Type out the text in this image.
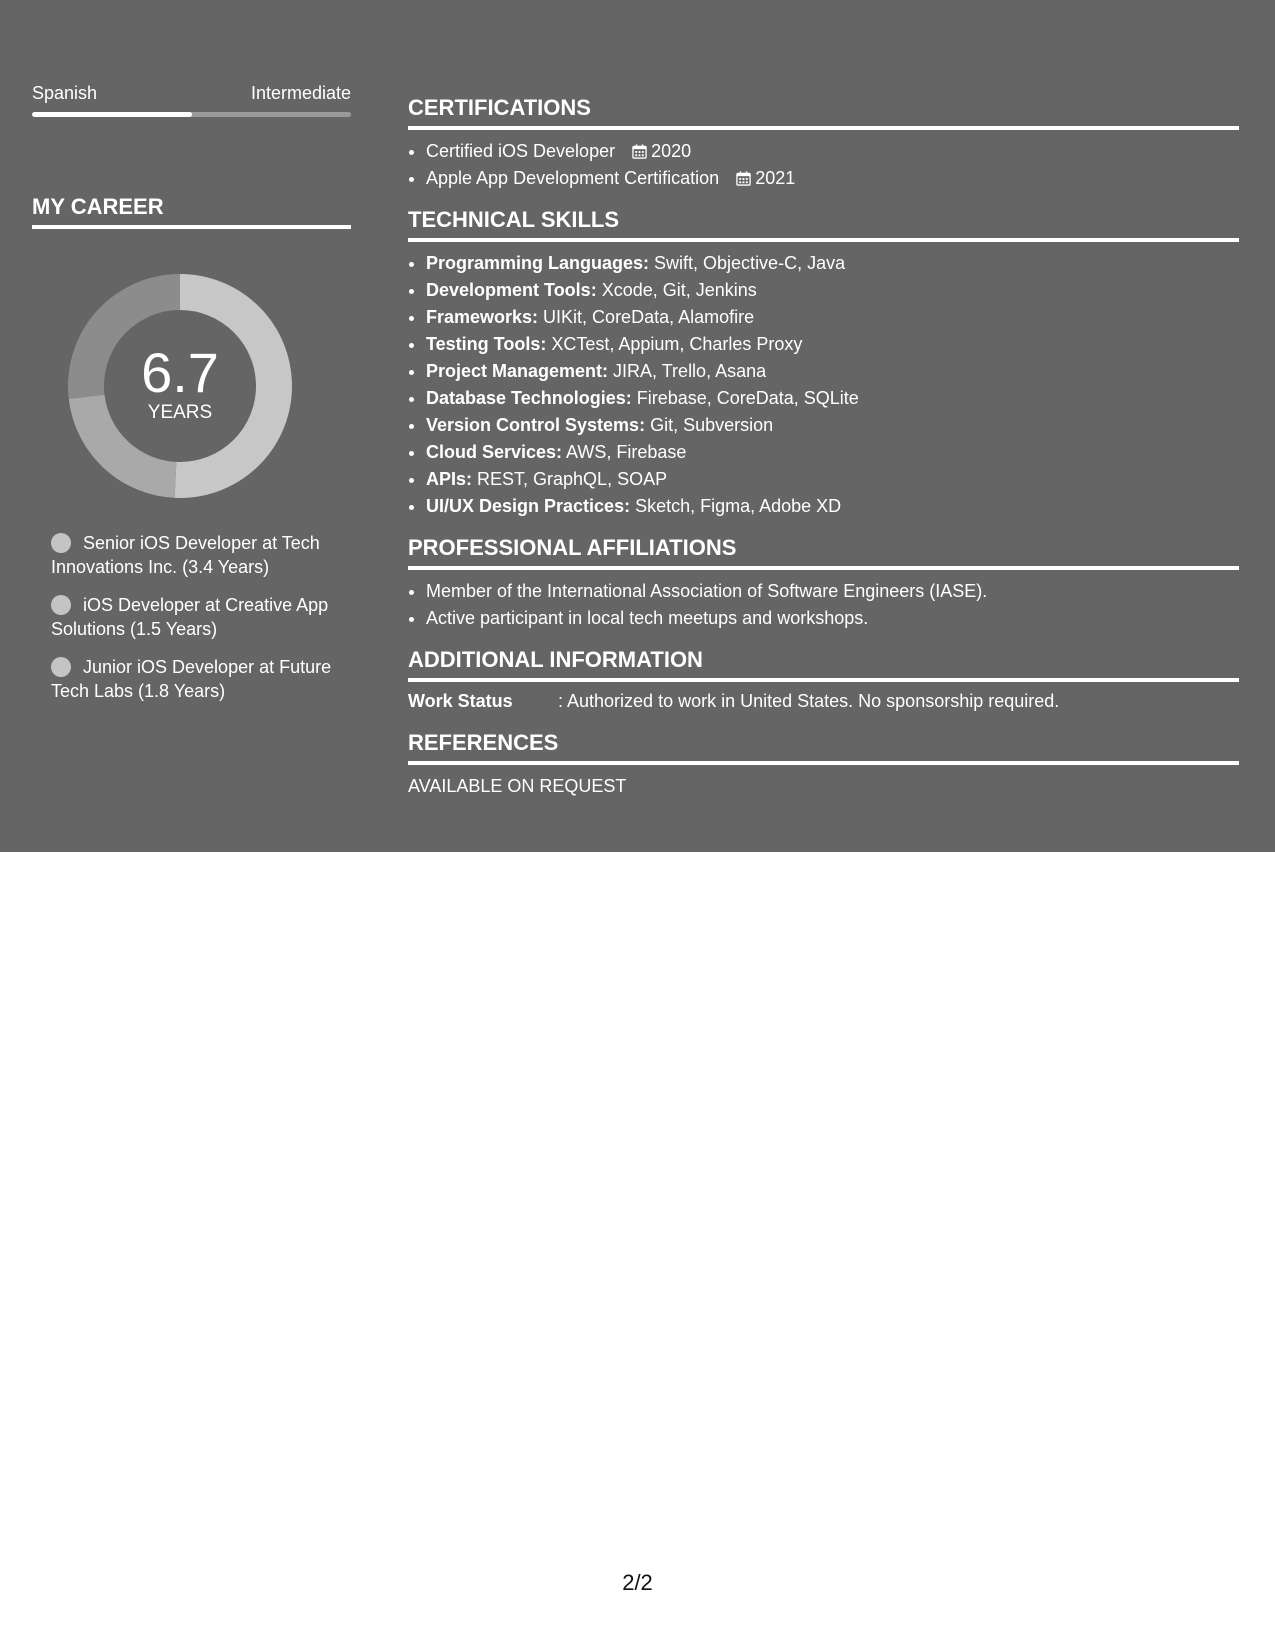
Spanish	Intermediate
MY CAREER
6.7
YEARS
Senior iOS Developer at Tech Innovations Inc. (3.4 Years)
iOS Developer at Creative App Solutions (1.5 Years)
Junior iOS Developer at Future Tech Labs (1.8 Years)
CERTIFICATIONS
• Certified iOS Developer 2020
• Apple App Development Certification 2021
TECHNICAL SKILLS
• Programming Languages: Swift, Objective-C, Java
• Development Tools: Xcode, Git, Jenkins
• Frameworks: UIKit, CoreData, Alamofire
• Testing Tools: XCTest, Appium, Charles Proxy
• Project Management: JIRA, Trello, Asana
• Database Technologies: Firebase, CoreData, SQLite
• Version Control Systems: Git, Subversion
• Cloud Services: AWS, Firebase
• APIs: REST, GraphQL, SOAP
• UI/UX Design Practices: Sketch, Figma, Adobe XD
PROFESSIONAL AFFILIATIONS
• Member of the International Association of Software Engineers (IASE).
• Active participant in local tech meetups and workshops.
ADDITIONAL INFORMATION
Work Status	: Authorized to work in United States. No sponsorship required.
REFERENCES
AVAILABLE ON REQUEST
2/2
